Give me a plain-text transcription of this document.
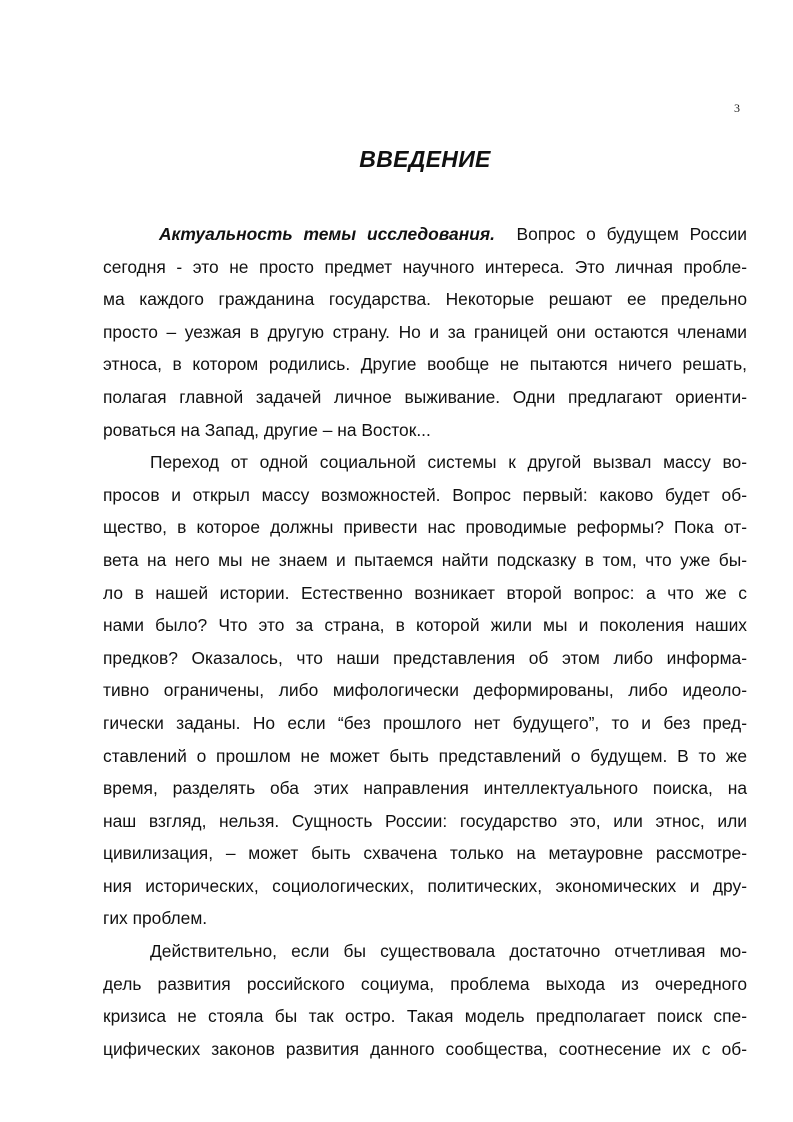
3
ВВЕДЕНИЕ
Актуальность темы исследования. Вопрос о будущем России
сегодня - это не просто предмет научного интереса. Это личная пробле-
ма каждого гражданина государства. Некоторые решают ее предельно
просто – уезжая в другую страну. Но и за границей они остаются членами
этноса, в котором родились. Другие вообще не пытаются ничего решать,
полагая главной задачей личное выживание. Одни предлагают ориенти-
роваться на Запад, другие – на Восток...
Переход от одной социальной системы к другой вызвал массу во-
просов и открыл массу возможностей. Вопрос первый: каково будет об-
щество, в которое должны привести нас проводимые реформы? Пока от-
вета на него мы не знаем и пытаемся найти подсказку в том, что уже бы-
ло в нашей истории. Естественно возникает второй вопрос: а что же с
нами было? Что это за страна, в которой жили мы и поколения наших
предков? Оказалось, что наши представления об этом либо информа-
тивно ограничены, либо мифологически деформированы, либо идеоло-
гически заданы. Но если “без прошлого нет будущего”, то и без пред-
ставлений о прошлом не может быть представлений о будущем. В то же
время, разделять оба этих направления интеллектуального поиска, на
наш взгляд, нельзя. Сущность России: государство это, или этнос, или
цивилизация, – может быть схвачена только на метауровне рассмотре-
ния исторических, социологических, политических, экономических и дру-
гих проблем.
Действительно, если бы существовала достаточно отчетливая мо-
дель развития российского социума, проблема выхода из очередного
кризиса не стояла бы так остро. Такая модель предполагает поиск спе-
цифических законов развития данного сообщества, соотнесение их с об-
